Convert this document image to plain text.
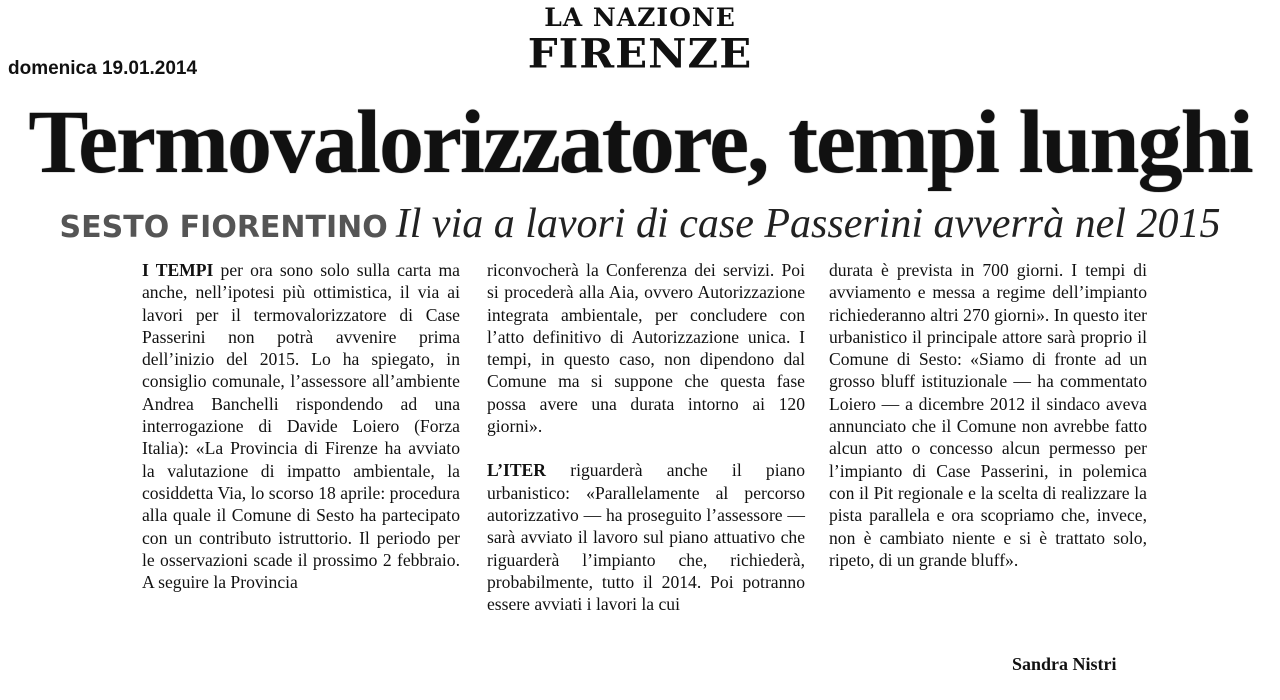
LA NAZIONE
FIRENZE
domenica 19.01.2014
Termovalorizzatore, tempi lunghi
SESTO FIORENTINO Il via a lavori di case Passerini avverrà nel 2015

I TEMPI per ora sono solo sulla carta ma anche, nell’ipotesi più ottimistica, il via ai lavori per il termovalorizzatore di Case Passerini non potrà avvenire prima dell’inizio del 2015. Lo ha spiegato, in consiglio comunale, l’assessore all’ambiente Andrea Banchelli rispondendo ad una interrogazione di Davide Loiero (Forza Italia): «La Provincia di Firenze ha avviato la valutazione di impatto ambientale, la cosiddetta Via, lo scorso 18 aprile: procedura alla quale il Comune di Sesto ha partecipato con un contributo istruttorio. Il periodo per le osservazioni scade il prossimo 2 febbraio. A seguire la Provincia

riconvocherà la Conferenza dei servizi. Poi si procederà alla Aia, ovvero Autorizzazione integrata ambientale, per concludere con l’atto definitivo di Autorizzazione unica. I tempi, in questo caso, non dipendono dal Comune ma si suppone che questa fase possa avere una durata intorno ai 120 giorni».

L’ITER riguarderà anche il piano urbanistico: «Parallelamente al percorso autorizzativo — ha proseguito l’assessore — sarà avviato il lavoro sul piano attuativo che riguarderà l’impianto che, richiederà, probabilmente, tutto il 2014. Poi potranno essere avviati i lavori la cui

durata è prevista in 700 giorni. I tempi di avviamento e messa a regime dell’impianto richiederanno altri 270 giorni». In questo iter urbanistico il principale attore sarà proprio il Comune di Sesto: «Siamo di fronte ad un grosso bluff istituzionale — ha commentato Loiero — a dicembre 2012 il sindaco aveva annunciato che il Comune non avrebbe fatto alcun atto o concesso alcun permesso per l’impianto di Case Passerini, in polemica con il Pit regionale e la scelta di realizzare la pista parallela e ora scopriamo che, invece, non è cambiato niente e si è trattato solo, ripeto, di un grande bluff».

Sandra Nistri
